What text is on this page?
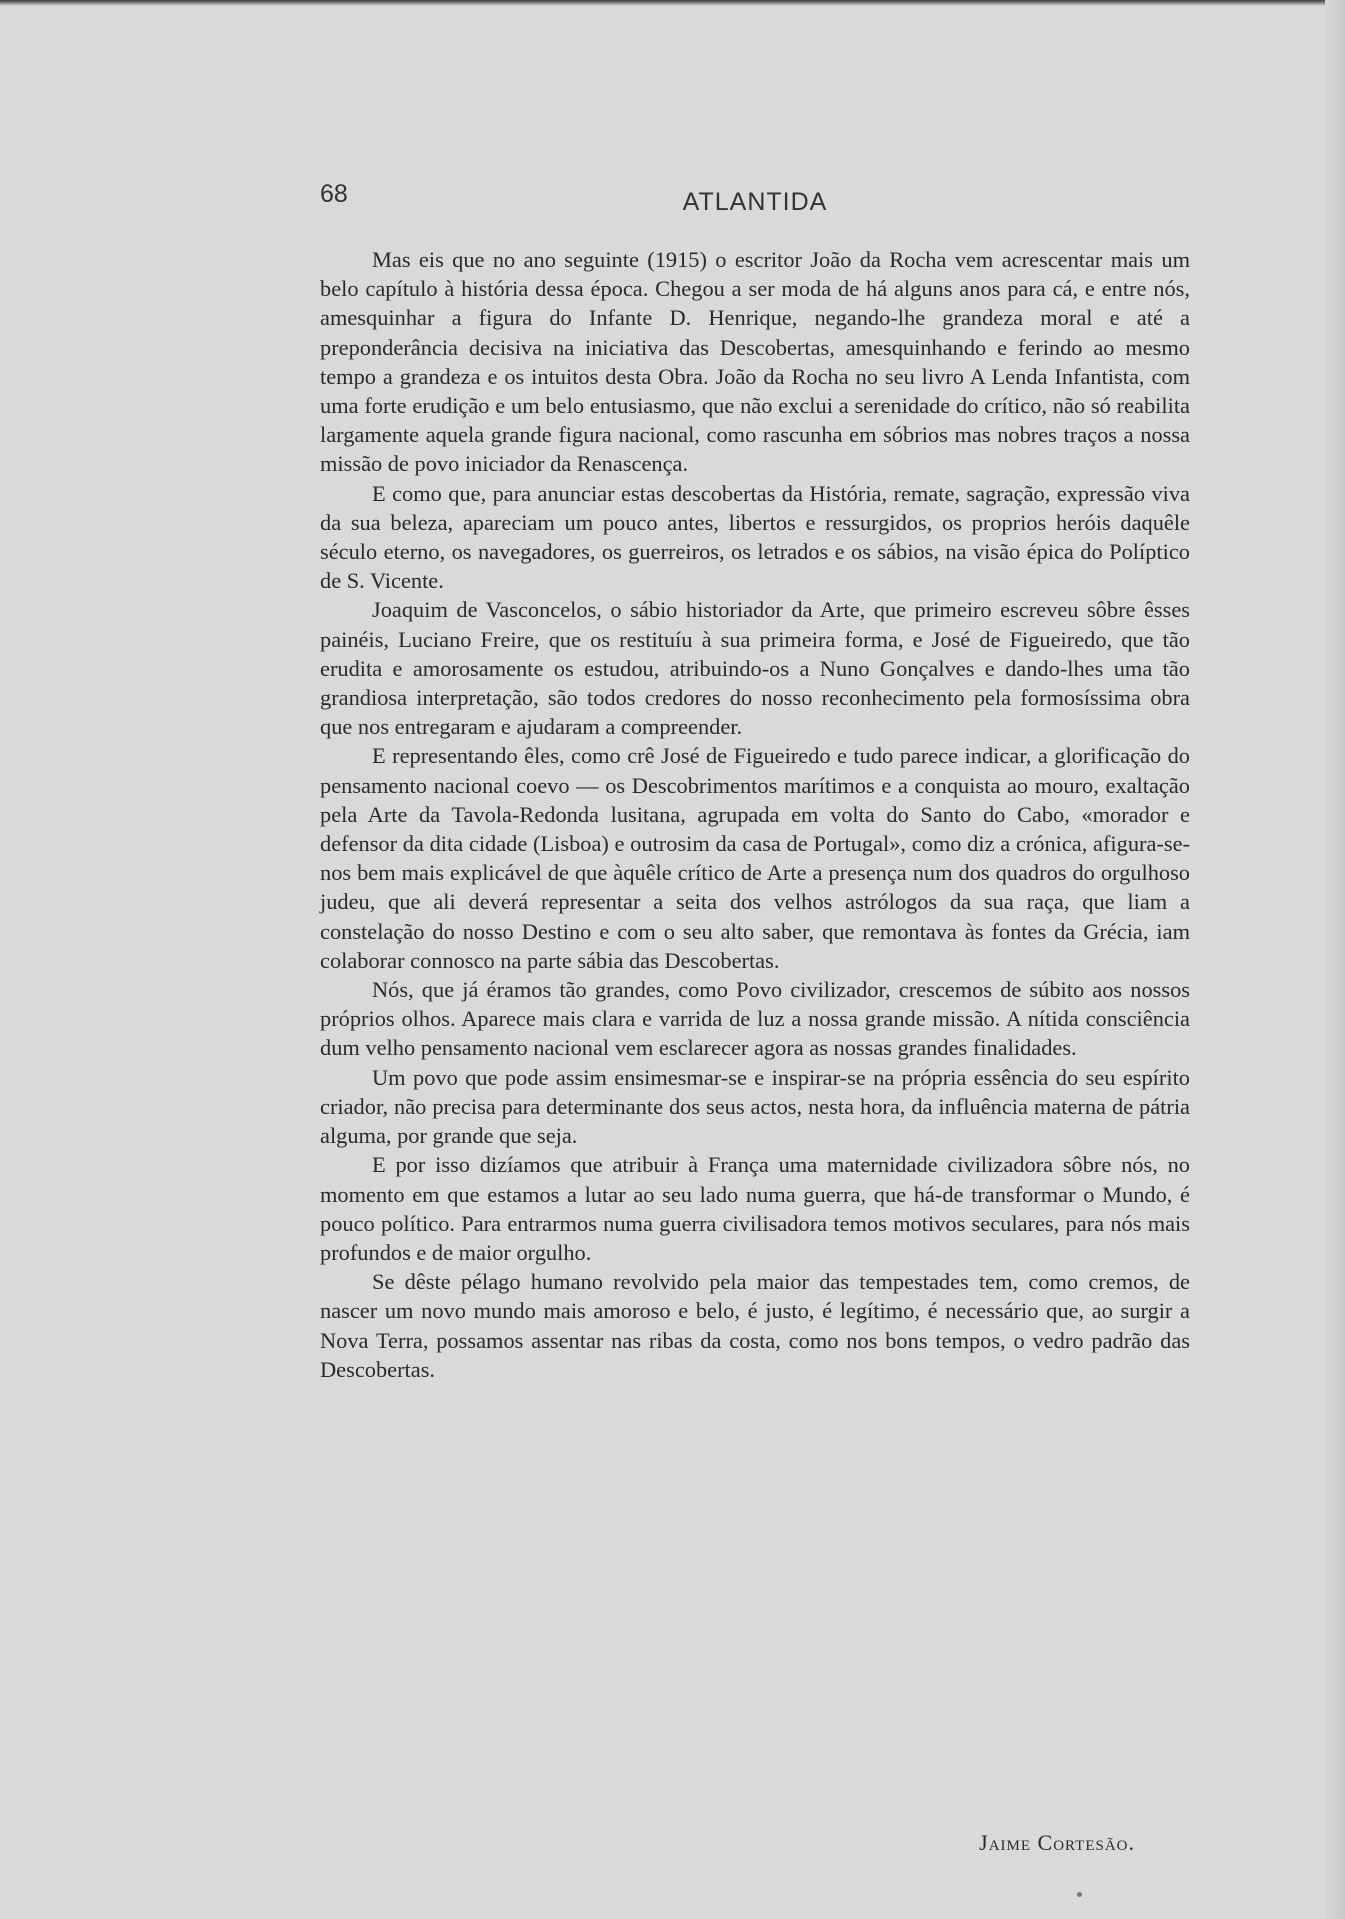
68	ATLANTIDA

Mas eis que no ano seguinte (1915) o escritor João da Rocha vem acrescentar mais um belo capítulo à história dessa época. Chegou a ser moda de há alguns anos para cá, e entre nós, amesquinhar a figura do Infante D. Henrique, negando-lhe grandeza moral e até a preponderância decisiva na iniciativa das Descobertas, amesquinhando e ferindo ao mesmo tempo a grandeza e os intuitos desta Obra. João da Rocha no seu livro A Lenda Infantista, com uma forte erudição e um belo entusiasmo, que não exclui a serenidade do crítico, não só reabilita largamente aquela grande figura nacional, como rascunha em sóbrios mas nobres traços a nossa missão de povo iniciador da Renascença.

E como que, para anunciar estas descobertas da História, remate, sagração, expressão viva da sua beleza, apareciam um pouco antes, libertos e ressurgidos, os proprios heróis daquêle século eterno, os navegadores, os guerreiros, os letrados e os sábios, na visão épica do Políptico de S. Vicente.

Joaquim de Vasconcelos, o sábio historiador da Arte, que primeiro escreveu sôbre êsses painéis, Luciano Freire, que os restituíu à sua primeira forma, e José de Figueiredo, que tão erudita e amorosamente os estudou, atribuindo-os a Nuno Gonçalves e dando-lhes uma tão grandiosa interpretação, são todos credores do nosso reconhecimento pela formosíssima obra que nos entregaram e ajudaram a compreender.

E representando êles, como crê José de Figueiredo e tudo parece indicar, a glorificação do pensamento nacional coevo — os Descobrimentos marítimos e a conquista ao mouro, exaltação pela Arte da Tavola-Redonda lusitana, agrupada em volta do Santo do Cabo, «morador e defensor da dita cidade (Lisboa) e outrosim da casa de Portugal», como diz a crónica, afigura-se-nos bem mais explicável de que àquêle crítico de Arte a presença num dos quadros do orgulhoso judeu, que ali deverá representar a seita dos velhos astrólogos da sua raça, que liam a constelação do nosso Destino e com o seu alto saber, que remontava às fontes da Grécia, iam colaborar connosco na parte sábia das Descobertas.

Nós, que já éramos tão grandes, como Povo civilizador, crescemos de súbito aos nossos próprios olhos. Aparece mais clara e varrida de luz a nossa grande missão. A nítida consciência dum velho pensamento nacional vem esclarecer agora as nossas grandes finalidades.

Um povo que pode assim ensimesmar-se e inspirar-se na própria essência do seu espírito criador, não precisa para determinante dos seus actos, nesta hora, da influência materna de pátria alguma, por grande que seja.

E por isso dizíamos que atribuir à França uma maternidade civilizadora sôbre nós, no momento em que estamos a lutar ao seu lado numa guerra, que há-de transformar o Mundo, é pouco político. Para entrarmos numa guerra civilisadora temos motivos seculares, para nós mais profundos e de maior orgulho.

Se dêste pélago humano revolvido pela maior das tempestades tem, como cremos, de nascer um novo mundo mais amoroso e belo, é justo, é legítimo, é necessário que, ao surgir a Nova Terra, possamos assentar nas ribas da costa, como nos bons tempos, o vedro padrão das Descobertas.

Jaime Cortesão.
